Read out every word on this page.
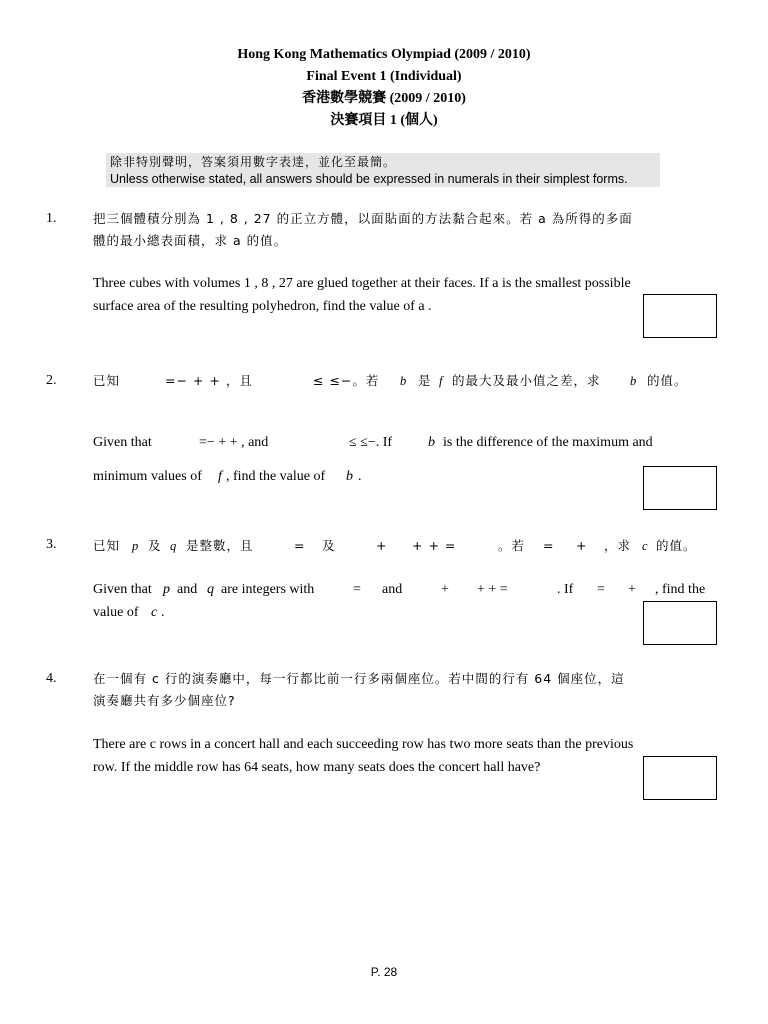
Hong Kong Mathematics Olympiad (2009 / 2010)
Final Event 1 (Individual)
香港數學競賽 (2009 / 2010)
決賽項目 1 (個人)
除非特別聲明，答案須用數字表達，並化至最簡。
Unless otherwise stated, all answers should be expressed in numerals in their simplest forms.
1.	把三個體積分別為 1 , 8 , 27 的正立方體，以面貼面的方法黏合起來。若 a 為所得的多面
體的最小總表面積，求 a 的值。
Three cubes with volumes 1 , 8 , 27 are glued together at their faces. If a is the smallest possible
surface area of the resulting polyhedron, find the value of a .
2.	已知	=− + + ，且	≤ ≤−。若 b 是 f 的最大及最小值之差，求 b 的值。
Given that	=− + + , and	≤ ≤−. If	b is the difference of the maximum and
minimum values of f , find the value of b .
3.	已知 p 及 q 是整數，且	= 及	+ + + =	。若 = + ，求 c 的值。
Given that p and q are integers with	= and	+ + + =	. If = + , find the
value of c .
4.	在一個有 c 行的演奏廳中，每一行都比前一行多兩個座位。若中間的行有 64 個座位，這
演奏廳共有多少個座位?
There are c rows in a concert hall and each succeeding row has two more seats than the previous
row. If the middle row has 64 seats, how many seats does the concert hall have?
P. 28
